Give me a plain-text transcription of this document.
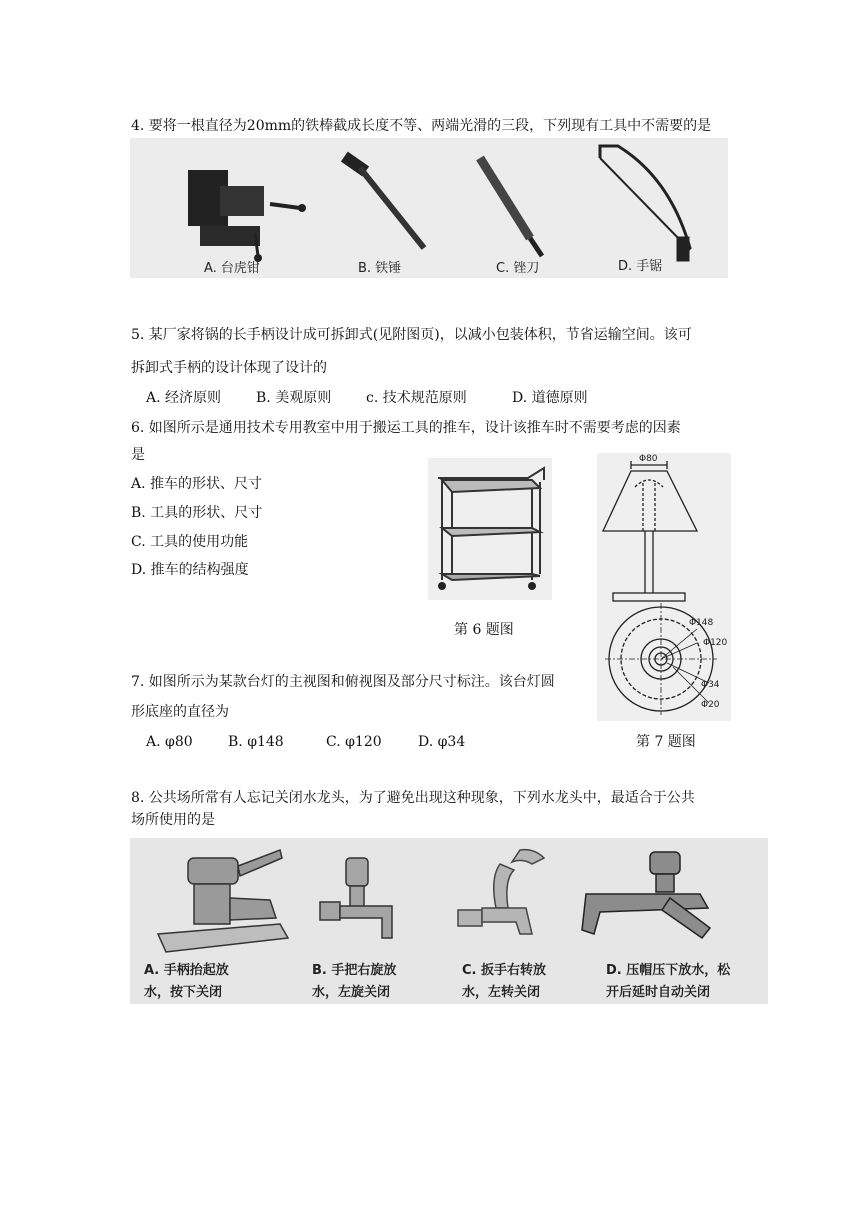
4. 要将一根直径为20mm的铁棒截成长度不等、两端光滑的三段，下列现有工具中不需要的是
A. 台虎钳	B. 铁锤	C. 锉刀	D. 手锯
5. 某厂家将锅的长手柄设计成可拆卸式(见附图页)，以减小包装体积，节省运输空间。该可
拆卸式手柄的设计体现了设计的
A. 经济原则 B. 美观原则 c. 技术规范原则	D. 道德原则
6. 如图所示是通用技术专用教室中用于搬运工具的推车，设计该推车时不需要考虑的因素
是
A. 推车的形状、尺寸
B. 工具的形状、尺寸
C. 工具的使用功能
D. 推车的结构强度
第 6 题图
Φ80
Φ148
Φ120
Φ34
Φ20
7. 如图所示为某款台灯的主视图和俯视图及部分尺寸标注。该台灯圆
形底座的直径为
A. φ80	B. φ148	C. φ120	D. φ34	第 7 题图
8. 公共场所常有人忘记关闭水龙头，为了避免出现这种现象，下列水龙头中，最适合于公共
场所使用的是
A. 手柄抬起放
水，按下关闭
B. 手把右旋放
水，左旋关闭
C. 扳手右转放
水，左转关闭
D. 压帽压下放水，松
开后延时自动关闭
